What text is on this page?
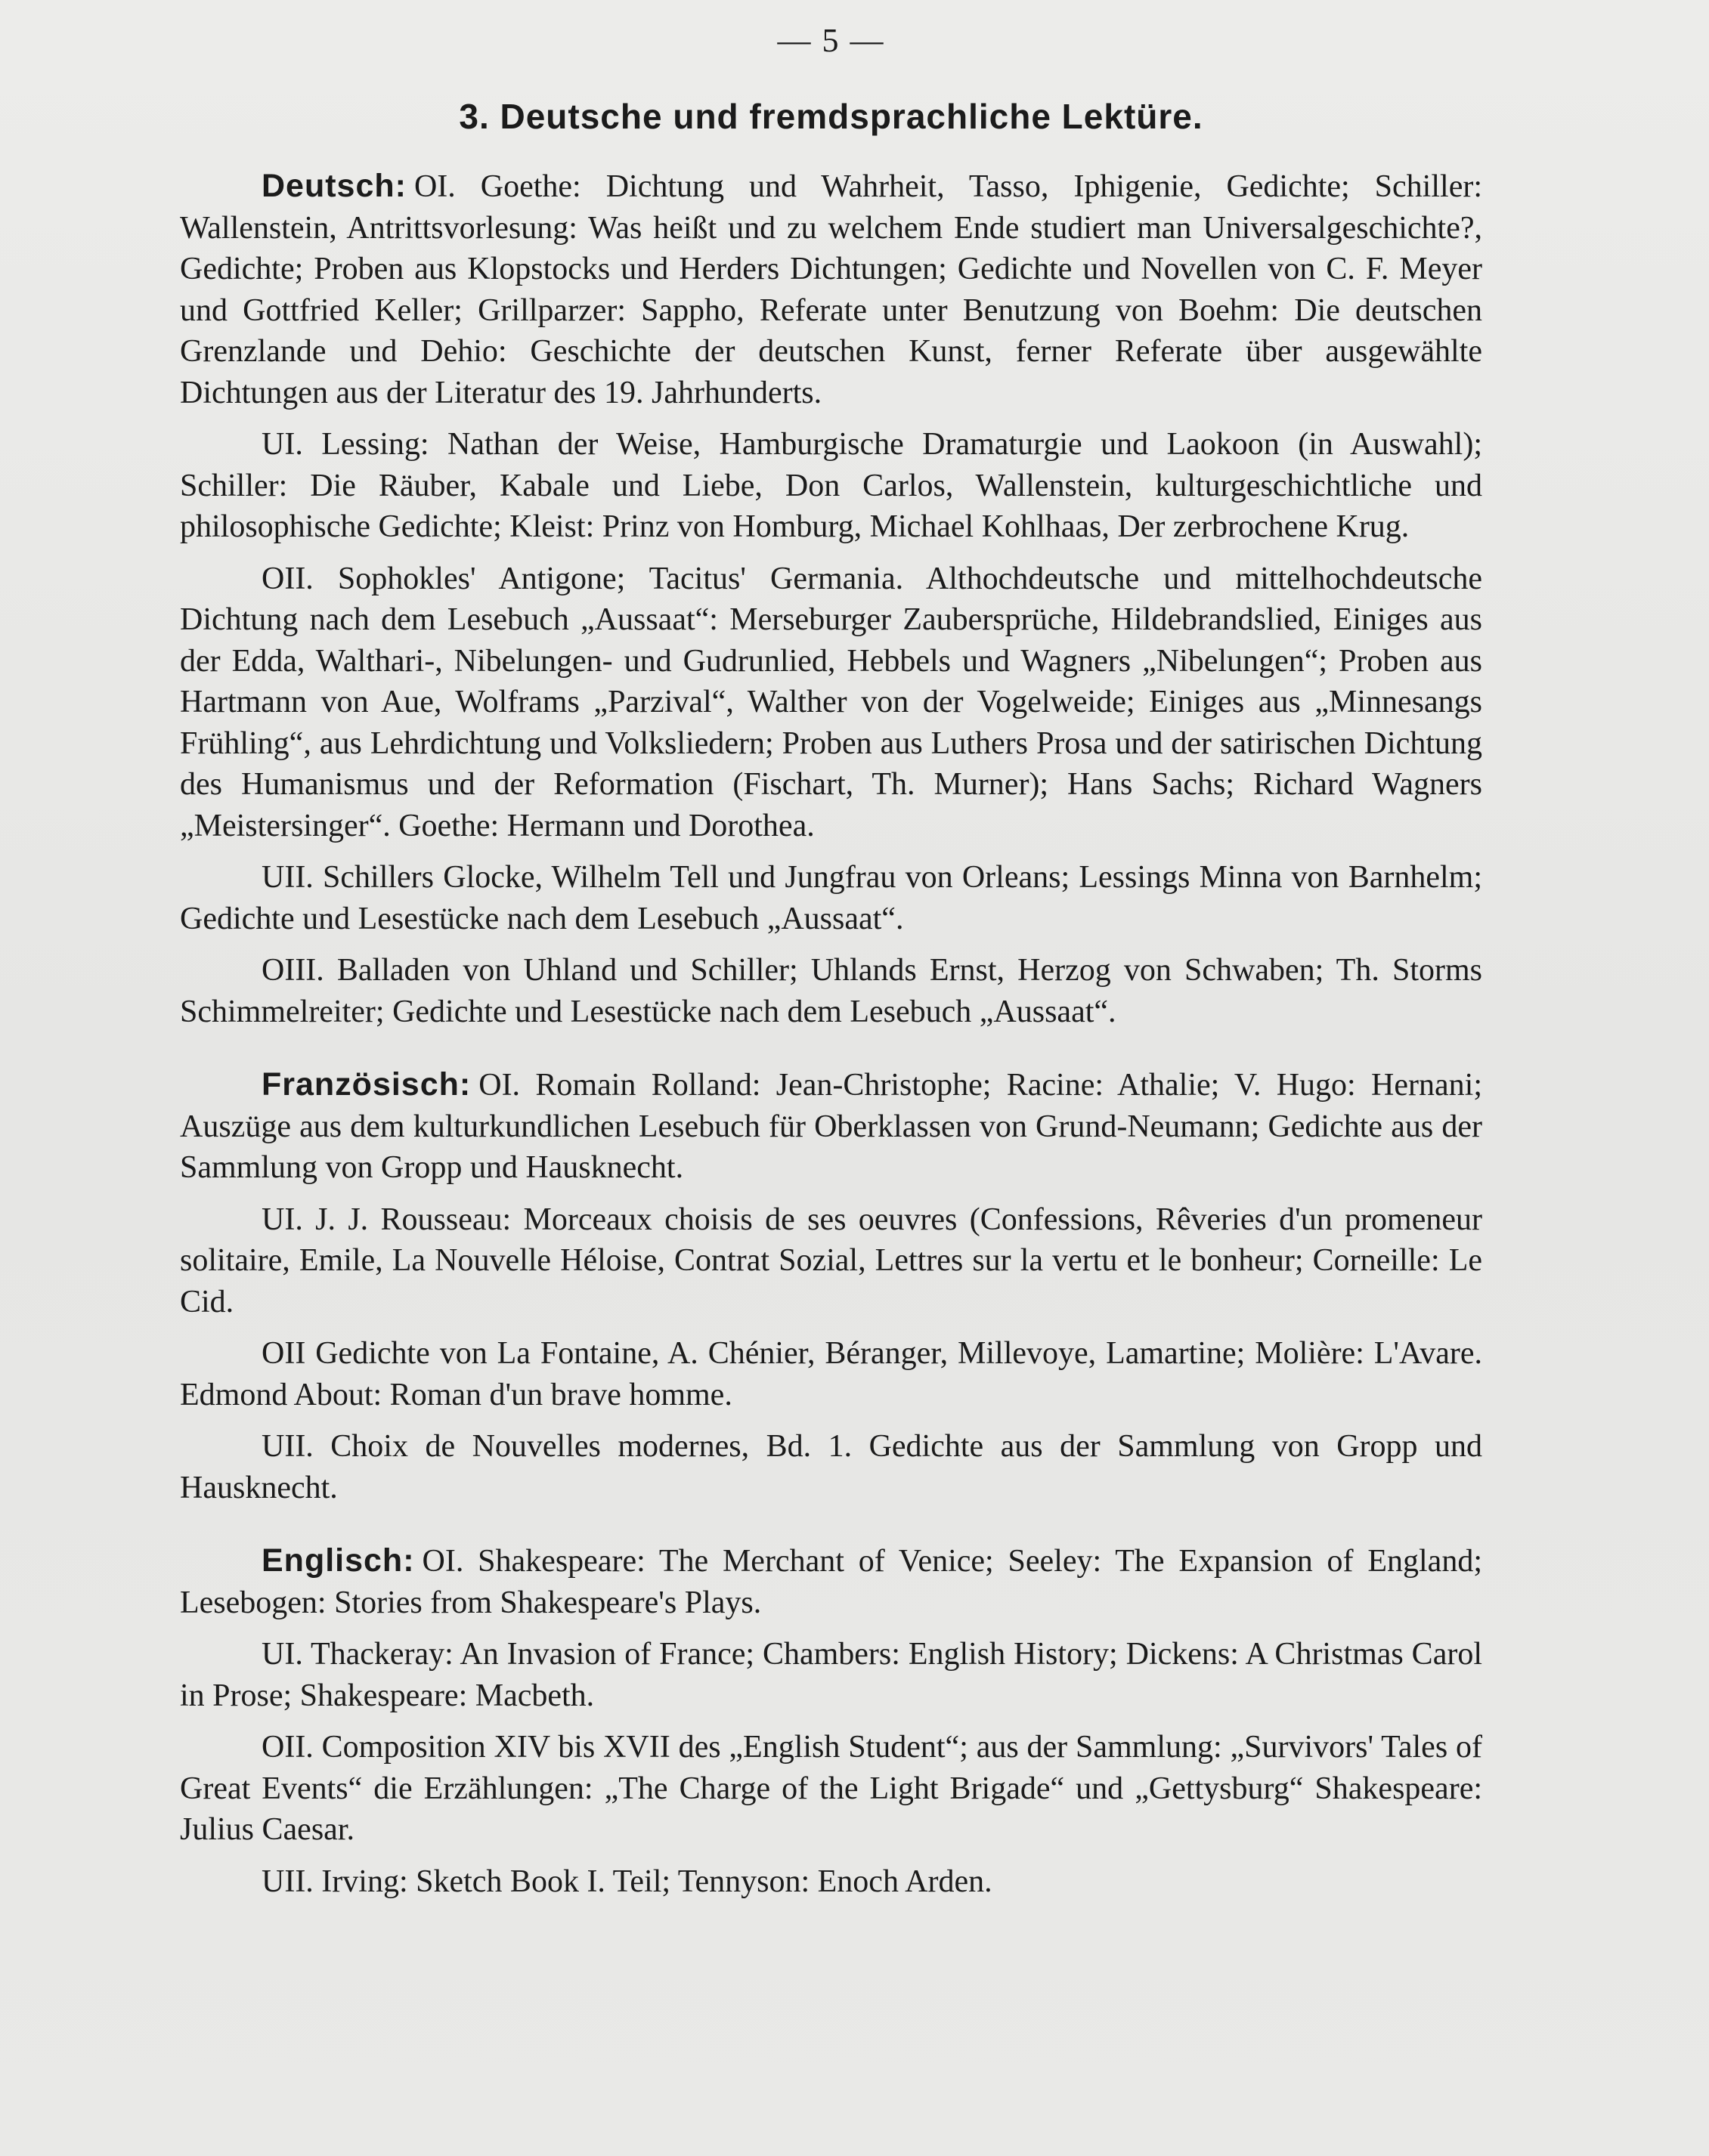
— 5 —
3. Deutsche und fremdsprachliche Lektüre.

Deutsch: OI. Goethe: Dichtung und Wahrheit, Tasso, Iphigenie, Gedichte; Schiller: Wallenstein, Antrittsvorlesung: Was heißt und zu welchem Ende studiert man Universalgeschichte?, Gedichte; Proben aus Klopstocks und Herders Dichtungen; Gedichte und Novellen von C. F. Meyer und Gottfried Keller; Grillparzer: Sappho, Referate unter Benutzung von Boehm: Die deutschen Grenzlande und Dehio: Geschichte der deutschen Kunst, ferner Referate über ausgewählte Dichtungen aus der Literatur des 19. Jahrhunderts.

UI. Lessing: Nathan der Weise, Hamburgische Dramaturgie und Laokoon (in Auswahl); Schiller: Die Räuber, Kabale und Liebe, Don Carlos, Wallenstein, kulturgeschichtliche und philosophische Gedichte; Kleist: Prinz von Homburg, Michael Kohlhaas, Der zerbrochene Krug.

OII. Sophokles' Antigone; Tacitus' Germania. Althochdeutsche und mittelhochdeutsche Dichtung nach dem Lesebuch „Aussaat“: Merseburger Zaubersprüche, Hildebrandslied, Einiges aus der Edda, Walthari-, Nibelungen- und Gudrunlied, Hebbels und Wagners „Nibelungen“; Proben aus Hartmann von Aue, Wolframs „Parzival“, Walther von der Vogelweide; Einiges aus „Minnesangs Frühling“, aus Lehrdichtung und Volksliedern; Proben aus Luthers Prosa und der satirischen Dichtung des Humanismus und der Reformation (Fischart, Th. Murner); Hans Sachs; Richard Wagners „Meistersinger“. Goethe: Hermann und Dorothea.

UII. Schillers Glocke, Wilhelm Tell und Jungfrau von Orleans; Lessings Minna von Barnhelm; Gedichte und Lesestücke nach dem Lesebuch „Aussaat“.

OIII. Balladen von Uhland und Schiller; Uhlands Ernst, Herzog von Schwaben; Th. Storms Schimmelreiter; Gedichte und Lesestücke nach dem Lesebuch „Aussaat“.

Französisch: OI. Romain Rolland: Jean-Christophe; Racine: Athalie; V. Hugo: Hernani; Auszüge aus dem kulturkundlichen Lesebuch für Oberklassen von Grund-Neumann; Gedichte aus der Sammlung von Gropp und Hausknecht.

UI. J. J. Rousseau: Morceaux choisis de ses oeuvres (Confessions, Rêveries d'un promeneur solitaire, Emile, La Nouvelle Héloise, Contrat Sozial, Lettres sur la vertu et le bonheur; Corneille: Le Cid.

OII Gedichte von La Fontaine, A. Chénier, Béranger, Millevoye, Lamartine; Molière: L'Avare. Edmond About: Roman d'un brave homme.

UII. Choix de Nouvelles modernes, Bd. 1. Gedichte aus der Sammlung von Gropp und Hausknecht.

Englisch: OI. Shakespeare: The Merchant of Venice; Seeley: The Expansion of England; Lesebogen: Stories from Shakespeare's Plays.

UI. Thackeray: An Invasion of France; Chambers: English History; Dickens: A Christmas Carol in Prose; Shakespeare: Macbeth.

OII. Composition XIV bis XVII des „English Student“; aus der Sammlung: „Survivors' Tales of Great Events“ die Erzählungen: „The Charge of the Light Brigade“ und „Gettysburg“ Shakespeare: Julius Caesar.

UII. Irving: Sketch Book I. Teil; Tennyson: Enoch Arden.
